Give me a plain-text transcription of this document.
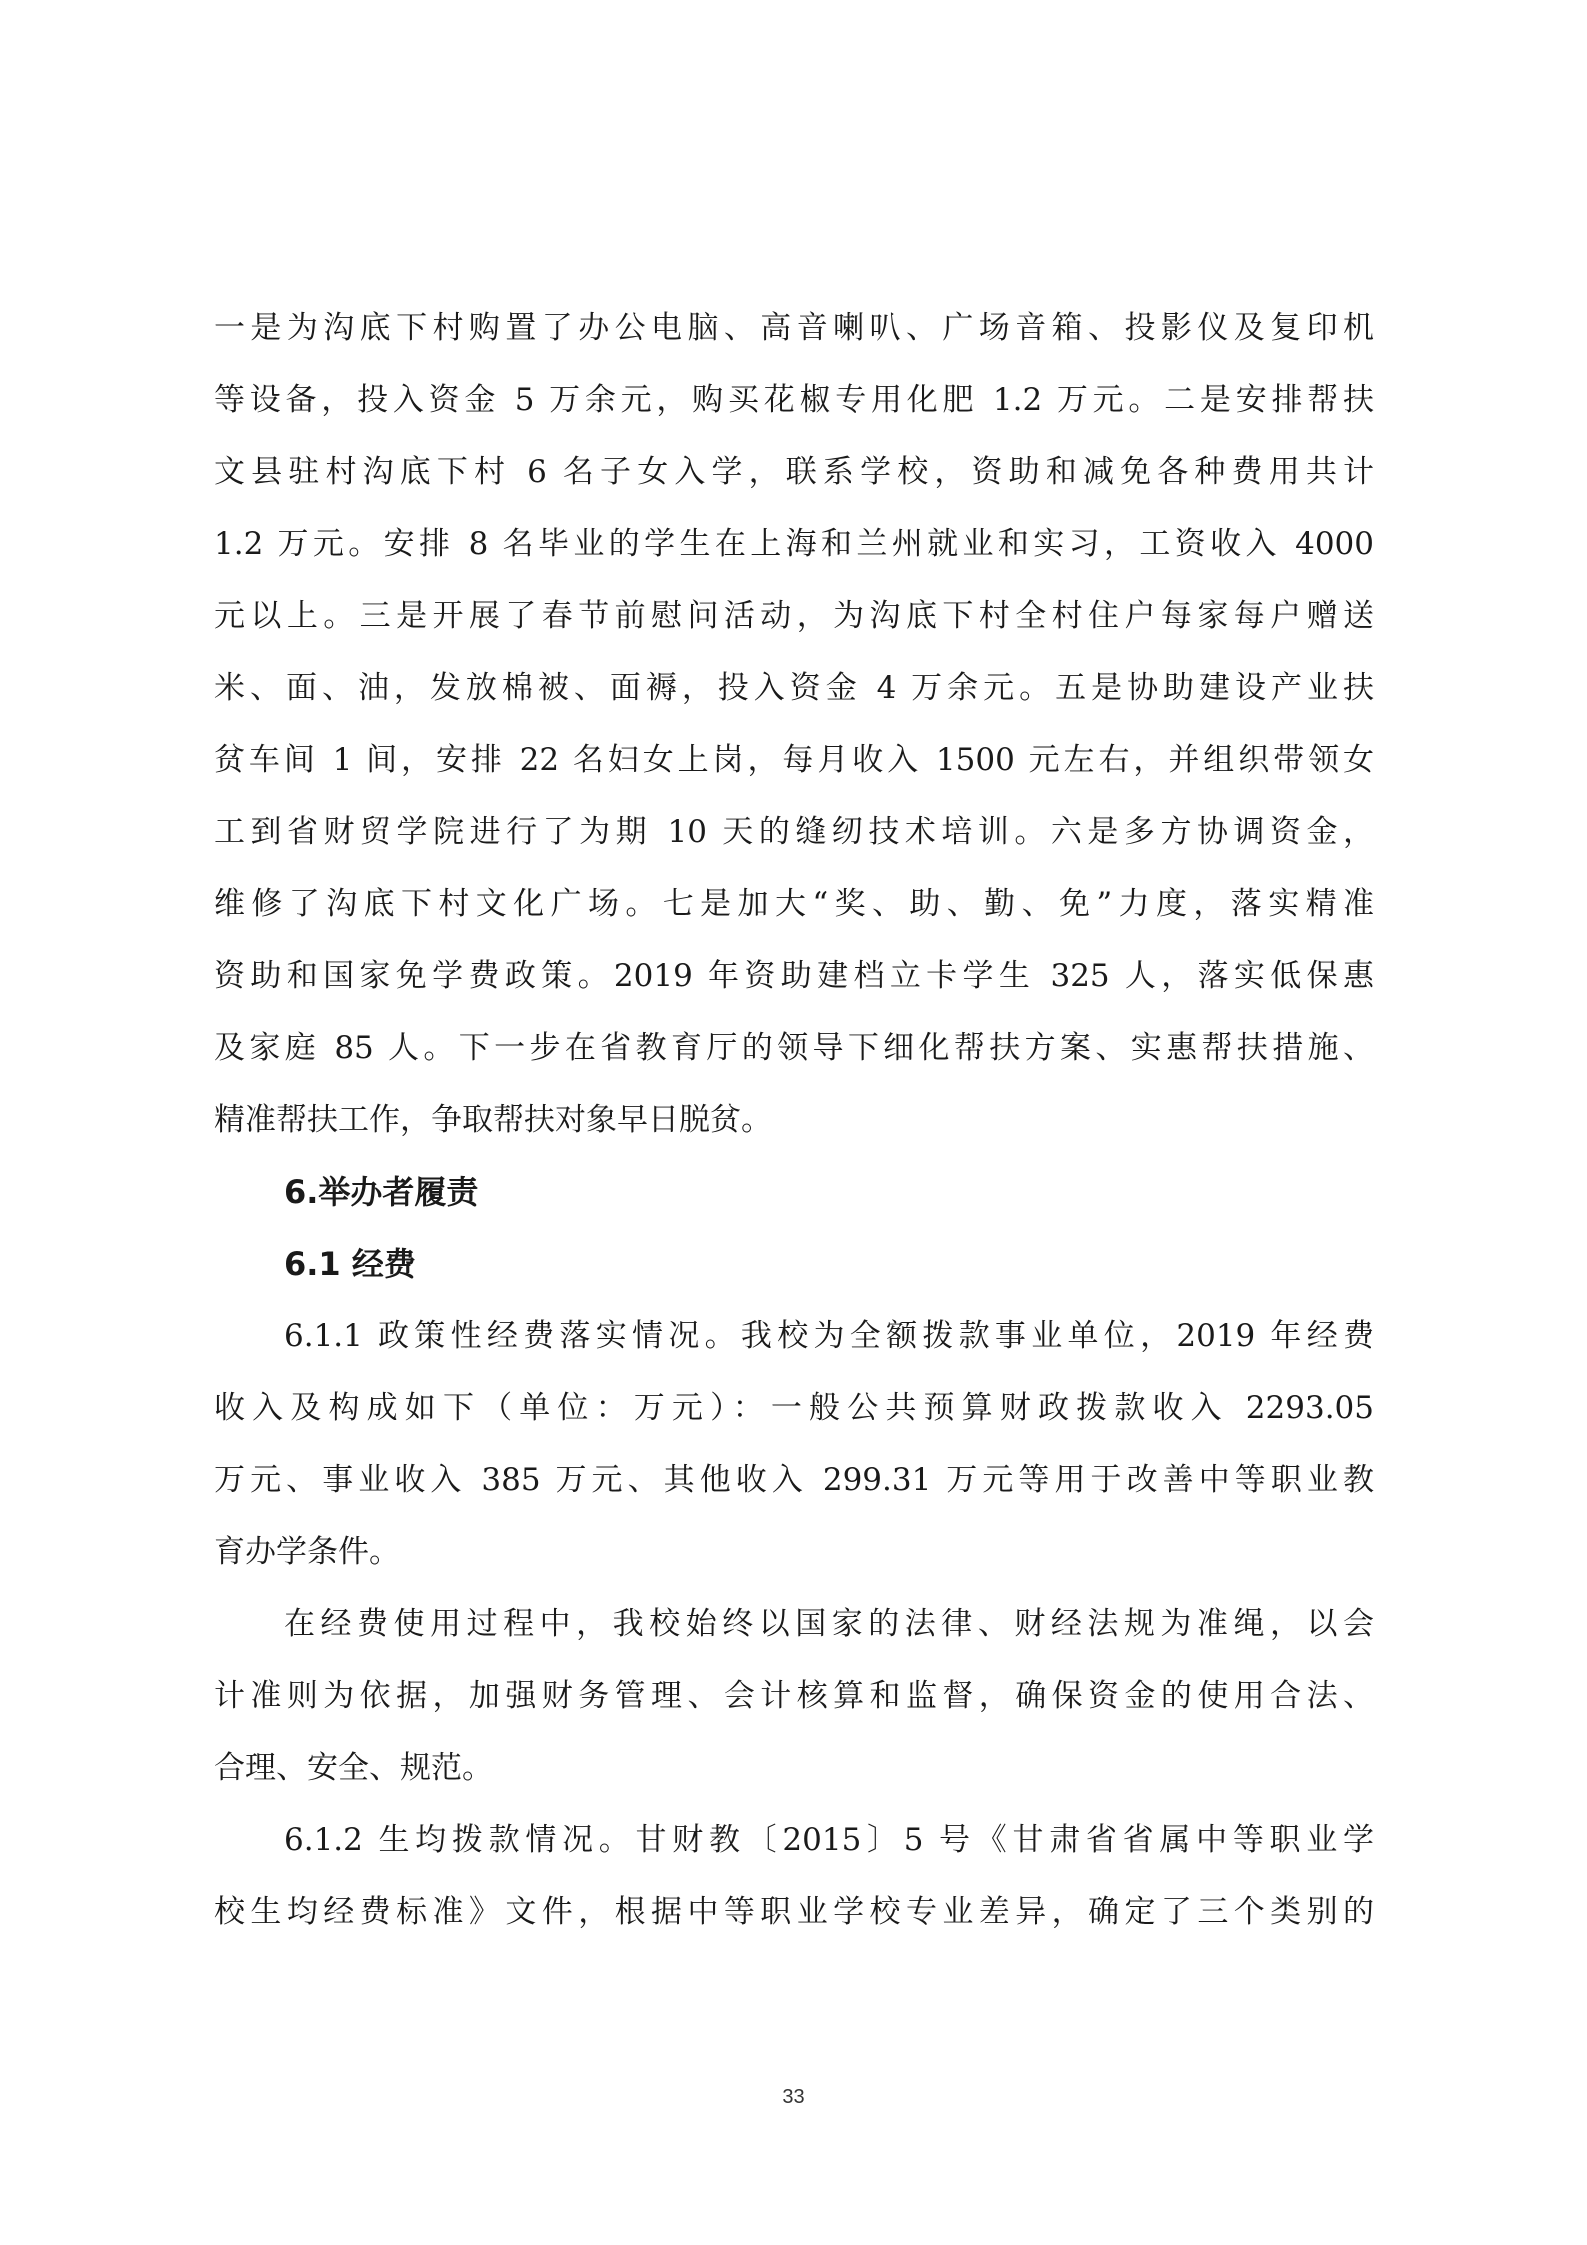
一是为沟底下村购置了办公电脑、高音喇叭、广场音箱、投影仪及复印机
等设备，投入资金 5 万余元，购买花椒专用化肥 1.2 万元。二是安排帮扶
文县驻村沟底下村 6 名子女入学，联系学校，资助和减免各种费用共计
1.2 万元。安排 8 名毕业的学生在上海和兰州就业和实习，工资收入 4000
元以上。三是开展了春节前慰问活动，为沟底下村全村住户每家每户赠送
米、面、油，发放棉被、面褥，投入资金 4 万余元。五是协助建设产业扶
贫车间 1 间，安排 22 名妇女上岗，每月收入 1500 元左右，并组织带领女
工到省财贸学院进行了为期 10 天的缝纫技术培训。六是多方协调资金，
维修了沟底下村文化广场。七是加大“奖、助、勤、免”力度，落实精准
资助和国家免学费政策。2019 年资助建档立卡学生 325 人，落实低保惠
及家庭 85 人。下一步在省教育厅的领导下细化帮扶方案、实惠帮扶措施、
精准帮扶工作，争取帮扶对象早日脱贫。
6.举办者履责
6.1 经费
6.1.1 政策性经费落实情况。我校为全额拨款事业单位，2019 年经费
收入及构成如下（单位：万元）：一般公共预算财政拨款收入 2293.05
万元、事业收入 385 万元、其他收入 299.31 万元等用于改善中等职业教
育办学条件。
在经费使用过程中，我校始终以国家的法律、财经法规为准绳，以会
计准则为依据，加强财务管理、会计核算和监督，确保资金的使用合法、
合理、安全、规范。
6.1.2 生均拨款情况。甘财教〔2015〕5 号《甘肃省省属中等职业学
校生均经费标准》文件，根据中等职业学校专业差异，确定了三个类别的
33
